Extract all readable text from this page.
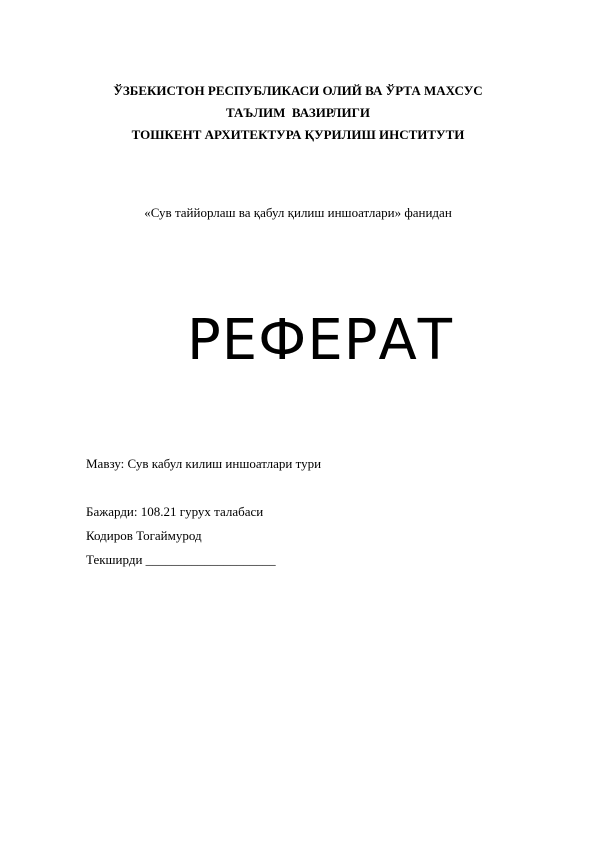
ЎЗБЕКИСТОН РЕСПУБЛИКАСИ ОЛИЙ ВА ЎРТА МАХСУС
ТАЪЛИМ  ВАЗИРЛИГИ
ТОШКЕНТ АРХИТЕКТУРА ҚУРИЛИШ ИНСТИТУТИ
«Сув таййорлаш ва қабул қилиш иншоатлари» фанидан
РЕФЕРАТ
Мавзу: Сув кабул килиш иншоатлари тури
Бажарди: 108.21 гурух талабаси
Кодиров Тогаймурод
Текширди ____________________
